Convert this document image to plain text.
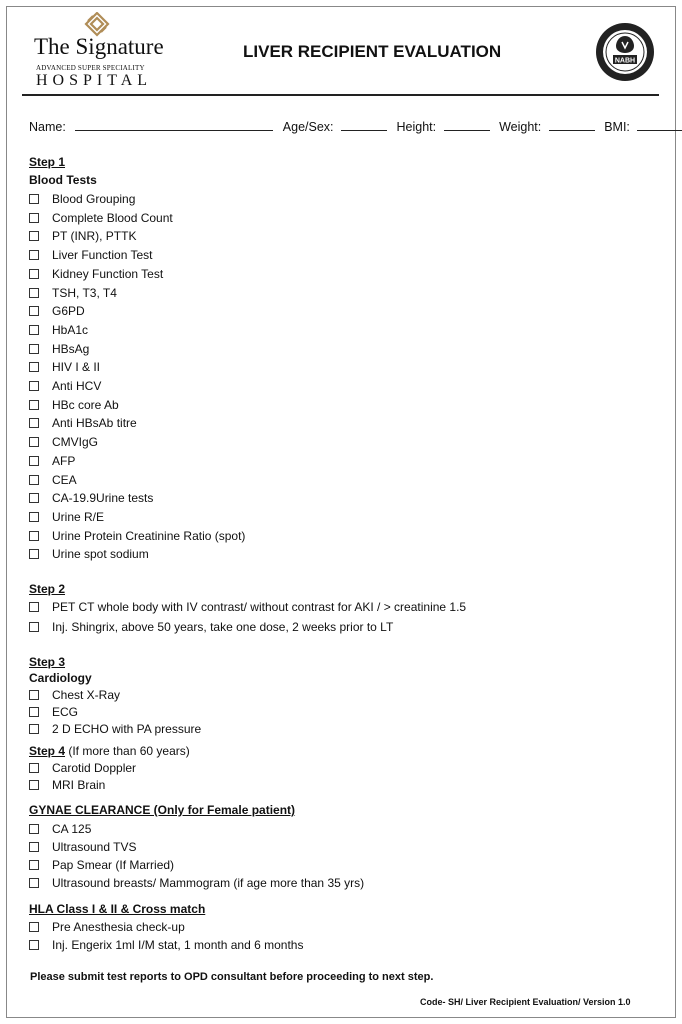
The Signature
ADVANCED SUPER SPECIALITY
HOSPITAL
LIVER RECIPIENT EVALUATION	NABH
Name:	Age/Sex:	Height:	Weight:	BMI:
Step 1
Blood Tests
Blood Grouping
Complete Blood Count
PT (INR), PTTK
Liver Function Test
Kidney Function Test
TSH, T3, T4
G6PD
HbA1c
HBsAg
HIV I & II
Anti HCV
HBc core Ab
Anti HBsAb titre
CMVIgG
AFP
CEA
CA-19.9Urine tests
Urine R/E
Urine Protein Creatinine Ratio (spot)
Urine spot sodium
Step 2
PET CT whole body with IV contrast/ without contrast for AKI / > creatinine 1.5
Inj. Shingrix, above 50 years, take one dose, 2 weeks prior to LT
Step 3
Cardiology
Chest X-Ray
ECG
2 D ECHO with PA pressure
Step 4 (If more than 60 years)
Carotid Doppler
MRI Brain
GYNAE CLEARANCE (Only for Female patient)
CA 125
Ultrasound TVS
Pap Smear (If Married)
Ultrasound breasts/ Mammogram (if age more than 35 yrs)
HLA Class I & II & Cross match
Pre Anesthesia check-up
Inj. Engerix 1ml I/M stat, 1 month and 6 months
Please submit test reports to OPD consultant before proceeding to next step.
Code- SH/ Liver Recipient Evaluation/ Version 1.0
